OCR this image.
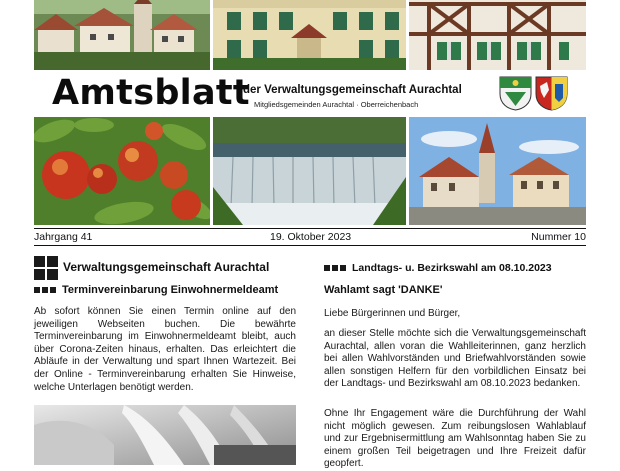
Amtsblatt
der Verwaltungsgemeinschaft Aurachtal
Mitgliedsgemeinden Aurachtal · Oberreichenbach
Jahrgang 41	19. Oktober 2023	Nummer 10
Verwaltungsgemeinschaft Aurachtal
Terminvereinbarung Einwohnermeldeamt

Ab sofort können Sie einen Termin online auf den jeweiligen Webseiten buchen. Die bewährte Terminvereinbarung im Einwohnermeldeamt bleibt, auch über Corona-Zeiten hinaus, erhalten. Das erleichtert die Abläufe in der Verwaltung und spart Ihnen Wartezeit. Bei der Online - Terminvereinbarung erhalten Sie Hinweise, welche Unterlagen benötigt werden.

Landtags- u. Bezirkswahl am 08.10.2023
Wahlamt sagt 'DANKE'

Liebe Bürgerinnen und Bürger,

an dieser Stelle möchte sich die Verwaltungsgemeinschaft Aurachtal, allen voran die Wahlleiterinnen, ganz herzlich bei allen Wahlvorständen und Briefwahlvorständen sowie allen sonstigen Helfern für den vorbildlichen Einsatz bei der Landtags- und Bezirkswahl am 08.10.2023 bedanken.

Ohne Ihr Engagement wäre die Durchführung der Wahl nicht möglich gewesen. Zum reibungslosen Wahlablauf und zur Ergebnisermittlung am Wahlsonntag haben Sie zu einem großen Teil beigetragen und Ihre Freizeit dafür geopfert.
